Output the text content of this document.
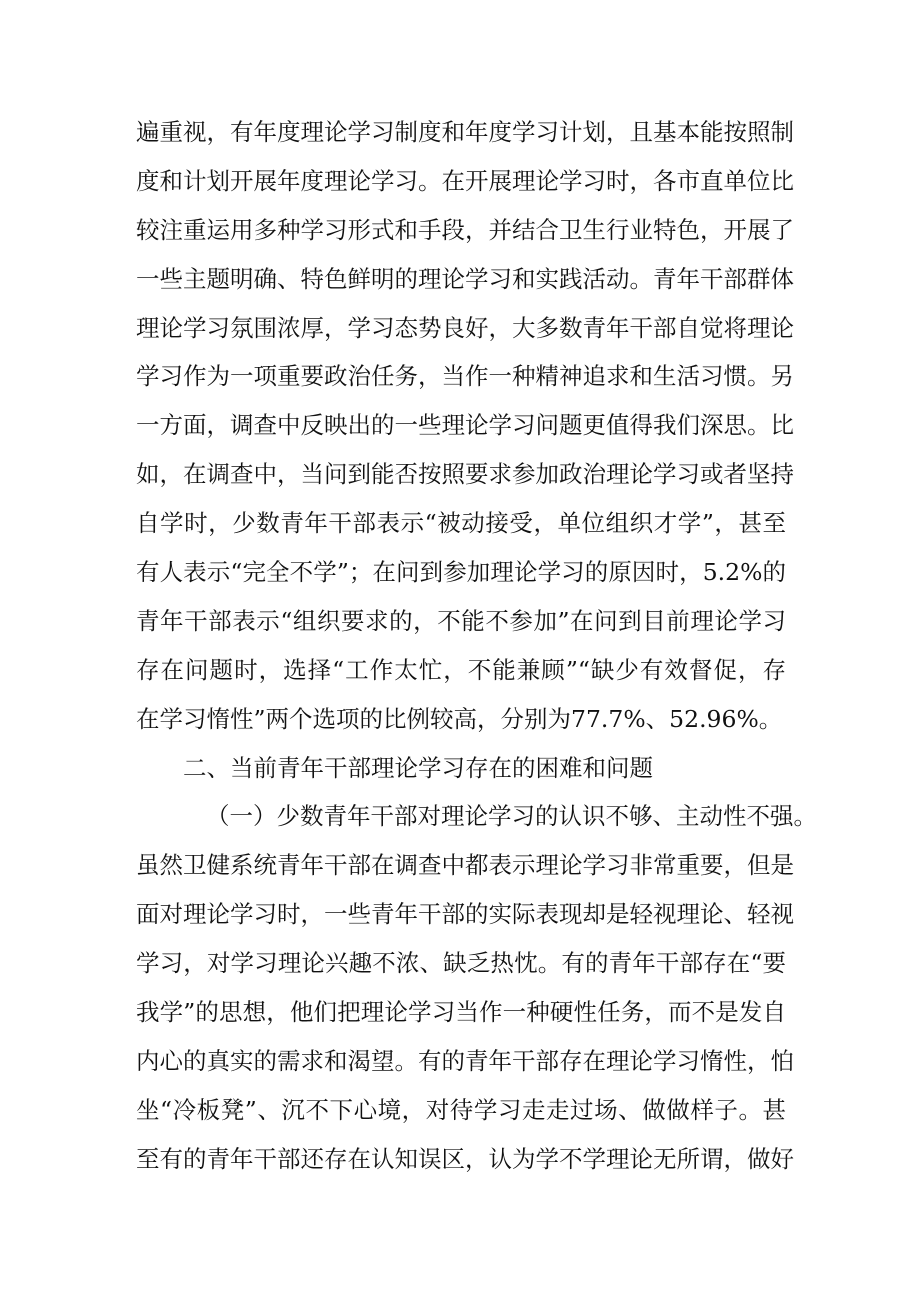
遍重视，有年度理论学习制度和年度学习计划，且基本能按照制
度和计划开展年度理论学习。在开展理论学习时，各市直单位比
较注重运用多种学习形式和手段，并结合卫生行业特色，开展了
一些主题明确、特色鲜明的理论学习和实践活动。青年干部群体
理论学习氛围浓厚，学习态势良好，大多数青年干部自觉将理论
学习作为一项重要政治任务，当作一种精神追求和生活习惯。另
一方面，调查中反映出的一些理论学习问题更值得我们深思。比
如，在调查中，当问到能否按照要求参加政治理论学习或者坚持
自学时，少数青年干部表示“被动接受，单位组织才学”，甚至
有人表示“完全不学”；在问到参加理论学习的原因时，5.2%的
青年干部表示“组织要求的，不能不参加”在问到目前理论学习
存在问题时，选择“工作太忙，不能兼顾”“缺少有效督促，存
在学习惰性”两个选项的比例较高，分别为77.7%、52.96%。
二、当前青年干部理论学习存在的困难和问题
（一）少数青年干部对理论学习的认识不够、主动性不强。
虽然卫健系统青年干部在调查中都表示理论学习非常重要，但是
面对理论学习时，一些青年干部的实际表现却是轻视理论、轻视
学习，对学习理论兴趣不浓、缺乏热忱。有的青年干部存在“要
我学”的思想，他们把理论学习当作一种硬性任务，而不是发自
内心的真实的需求和渴望。有的青年干部存在理论学习惰性，怕
坐“冷板凳”、沉不下心境，对待学习走走过场、做做样子。甚
至有的青年干部还存在认知误区，认为学不学理论无所谓，做好
